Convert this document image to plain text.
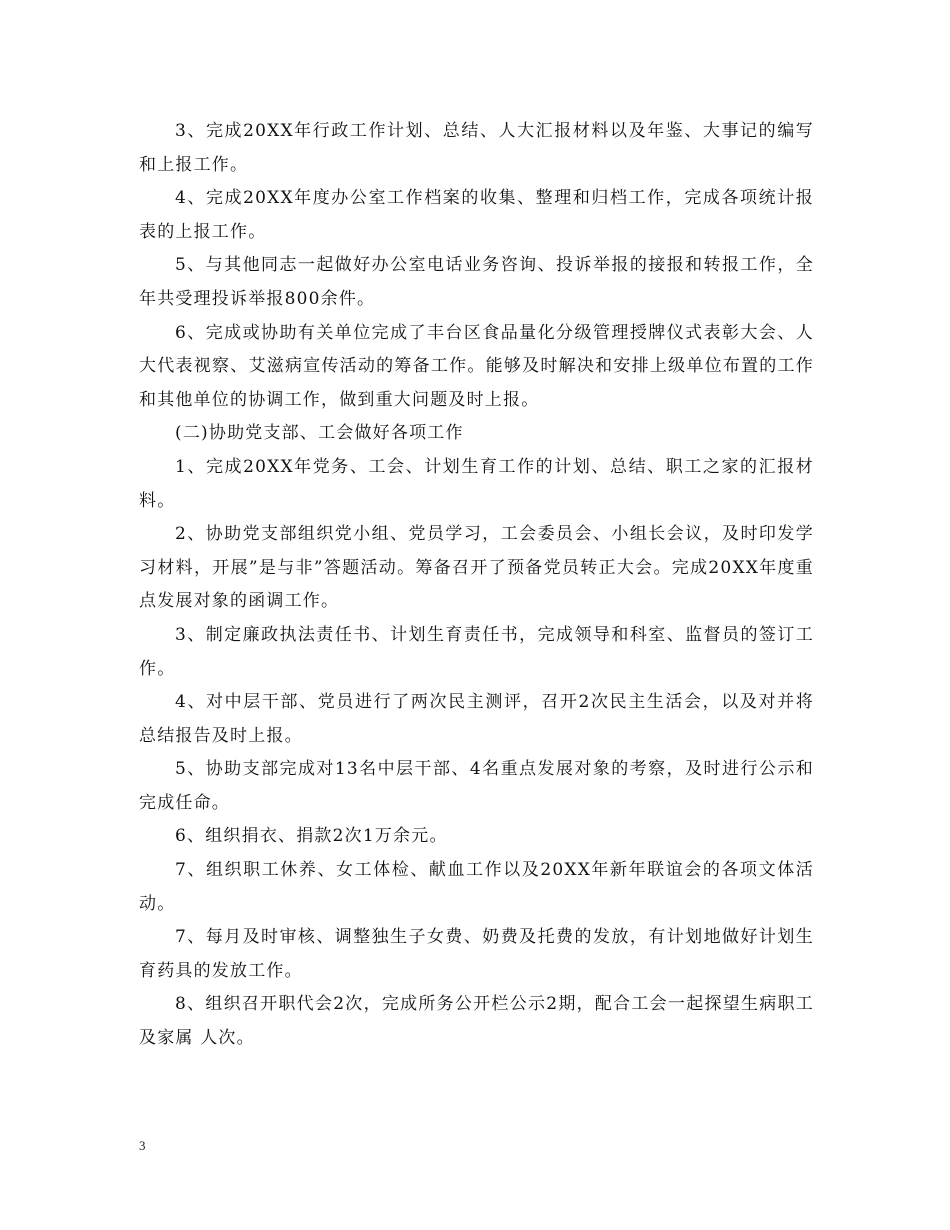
3、完成20XX年行政工作计划、总结、人大汇报材料以及年鉴、大事记的编写和上报工作。

4、完成20XX年度办公室工作档案的收集、整理和归档工作，完成各项统计报表的上报工作。

5、与其他同志一起做好办公室电话业务咨询、投诉举报的接报和转报工作，全年共受理投诉举报800余件。

6、完成或协助有关单位完成了丰台区食品量化分级管理授牌仪式表彰大会、人大代表视察、艾滋病宣传活动的筹备工作。能够及时解决和安排上级单位布置的工作和其他单位的协调工作，做到重大问题及时上报。

(二)协助党支部、工会做好各项工作

1、完成20XX年党务、工会、计划生育工作的计划、总结、职工之家的汇报材料。

2、协助党支部组织党小组、党员学习，工会委员会、小组长会议，及时印发学习材料，开展”是与非”答题活动。筹备召开了预备党员转正大会。完成20XX年度重点发展对象的函调工作。

3、制定廉政执法责任书、计划生育责任书，完成领导和科室、监督员的签订工作。

4、对中层干部、党员进行了两次民主测评，召开2次民主生活会，以及对并将总结报告及时上报。

5、协助支部完成对13名中层干部、4名重点发展对象的考察，及时进行公示和完成任命。

6、组织捐衣、捐款2次1万余元。

7、组织职工休养、女工体检、献血工作以及20XX年新年联谊会的各项文体活动。

7、每月及时审核、调整独生子女费、奶费及托费的发放，有计划地做好计划生育药具的发放工作。

8、组织召开职代会2次，完成所务公开栏公示2期，配合工会一起探望生病职工及家属 人次。

3
